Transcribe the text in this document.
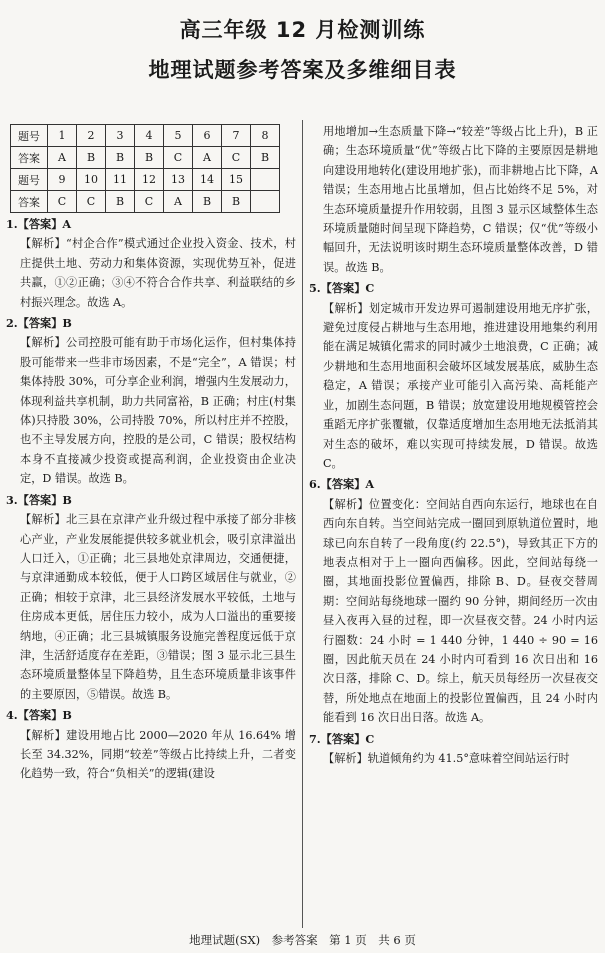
高三年级 12 月检测训练
地理试题参考答案及多维细目表
题号	1	2	3	4	5	6	7	8
答案	A	B	B	B	C	A	C	B
题号	9	10	11	12	13	14	15	
答案	C	C	B	C	A	B	B	
1.【答案】A
【解析】“村企合作”模式通过企业投入资金、技术，村庄提供土地、劳动力和集体资源，实现优势互补，促进共赢，①②正确；③④不符合合作共享、利益联结的乡村振兴理念。故选 A。
2.【答案】B
【解析】公司控股可能有助于市场化运作，但村集体持股可能带来一些非市场因素，不是“完全”，A 错误；村集体持股 30%，可分享企业利润，增强内生发展动力，体现利益共享机制，助力共同富裕，B 正确；村庄(村集体)只持股 30%，公司持股 70%，所以村庄并不控股，也不主导发展方向，控股的是公司，C 错误；股权结构本身不直接减少投资或提高利润，企业投资由企业决定，D 错误。故选 B。
3.【答案】B
【解析】北三县在京津产业升级过程中承接了部分非核心产业，产业发展能提供较多就业机会，吸引京津溢出人口迁入，①正确；北三县地处京津周边，交通便捷，与京津通勤成本较低，便于人口跨区域居住与就业，②正确；相较于京津，北三县经济发展水平较低，土地与住房成本更低，居住压力较小，成为人口溢出的重要接纳地，④正确；北三县城镇服务设施完善程度远低于京津，生活舒适度存在差距，③错误；图 3 显示北三县生态环境质量整体呈下降趋势，且生态环境质量非该事件的主要原因，⑤错误。故选 B。
4.【答案】B
【解析】建设用地占比 2000—2020 年从 16.64% 增长至 34.32%，同期“较差”等级占比持续上升，二者变化趋势一致，符合“负相关”的逻辑(建设
用地增加→生态质量下降→“较差”等级占比上升)，B 正确；生态环境质量“优”等级占比下降的主要原因是耕地向建设用地转化(建设用地扩张)，而非耕地占比下降，A 错误；生态用地占比虽增加，但占比始终不足 5%，对生态环境质量提升作用较弱，且图 3 显示区域整体生态环境质量随时间呈现下降趋势，C 错误；仅“优”等级小幅回升，无法说明该时期生态环境质量整体改善，D 错误。故选 B。
5.【答案】C
【解析】划定城市开发边界可遏制建设用地无序扩张，避免过度侵占耕地与生态用地，推进建设用地集约利用能在满足城镇化需求的同时减少土地浪费，C 正确；减少耕地和生态用地面积会破坏区域发展基底，威胁生态稳定，A 错误；承接产业可能引入高污染、高耗能产业，加剧生态问题，B 错误；放宽建设用地规模管控会重蹈无序扩张覆辙，仅靠适度增加生态用地无法抵消其对生态的破坏，难以实现可持续发展，D 错误。故选 C。
6.【答案】A
【解析】位置变化：空间站自西向东运行，地球也在自西向东自转。当空间站完成一圈回到原轨道位置时，地球已向东自转了一段角度(约 22.5°)，导致其正下方的地表点相对于上一圈向西偏移。因此，空间站每绕一圈，其地面投影位置偏西，排除 B、D。昼夜交替周期：空间站每绕地球一圈约 90 分钟，期间经历一次由昼入夜再入昼的过程，即一次昼夜交替。24 小时内运行圈数：24 小时 = 1 440 分钟，1 440 ÷ 90 = 16 圈，因此航天员在 24 小时内可看到 16 次日出和 16 次日落，排除 C、D。综上，航天员每经历一次昼夜交替，所处地点在地面上的投影位置偏西，且 24 小时内能看到 16 次日出日落。故选 A。
7.【答案】C
【解析】轨道倾角约为 41.5°意味着空间站运行时
地理试题(SX)　参考答案　第 1 页　共 6 页
